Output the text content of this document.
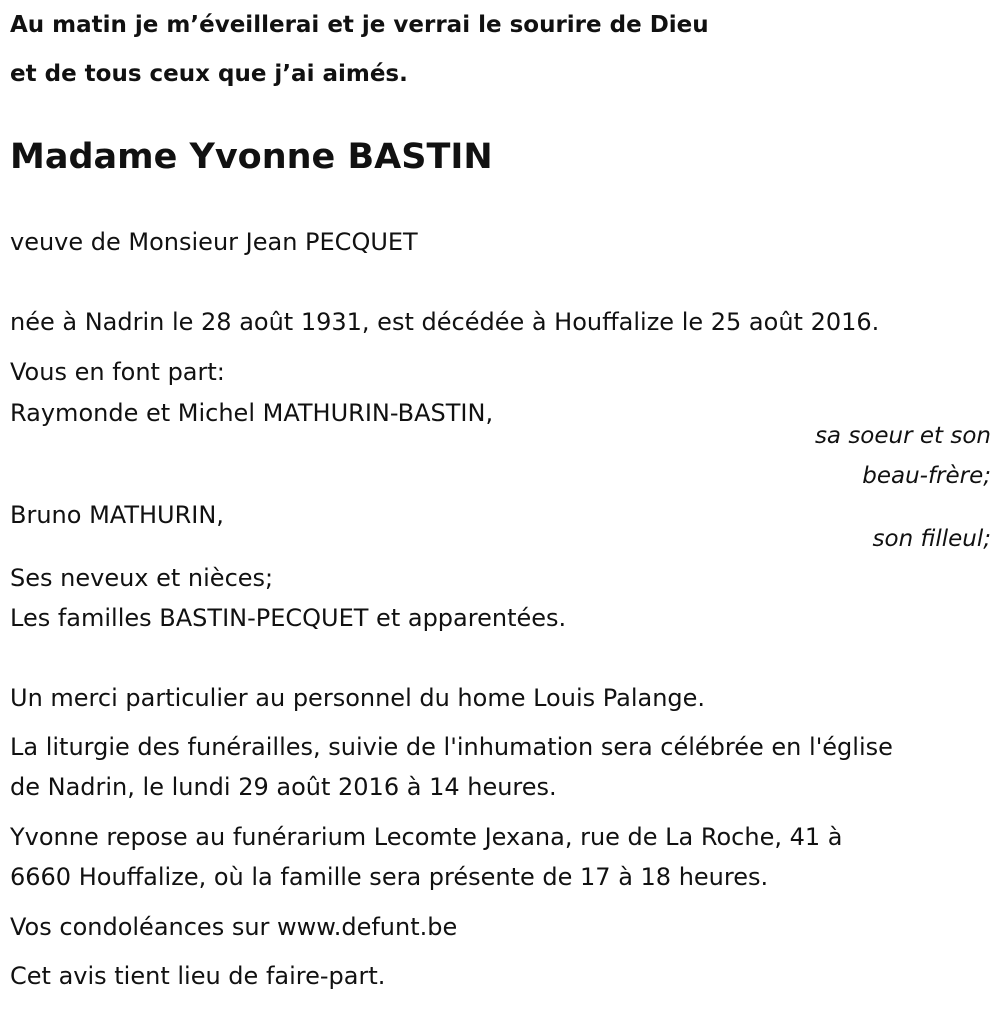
Au matin je m’éveillerai et je verrai le sourire de Dieu
et de tous ceux que j’ai aimés.
Madame Yvonne BASTIN
veuve de Monsieur Jean PECQUET
née à Nadrin le 28 août 1931, est décédée à Houffalize le 25 août 2016.
Vous en font part:
Raymonde et Michel MATHURIN-BASTIN,
sa soeur et son
beau-frère;
Bruno MATHURIN,
son filleul;
Ses neveux et nièces;
Les familles BASTIN-PECQUET et apparentées.
Un merci particulier au personnel du home Louis Palange.
La liturgie des funérailles, suivie de l'inhumation sera célébrée en l'église
de Nadrin, le lundi 29 août 2016 à 14 heures.
Yvonne repose au funérarium Lecomte Jexana, rue de La Roche, 41 à
6660 Houffalize, où la famille sera présente de 17 à 18 heures.
Vos condoléances sur www.defunt.be
Cet avis tient lieu de faire-part.
